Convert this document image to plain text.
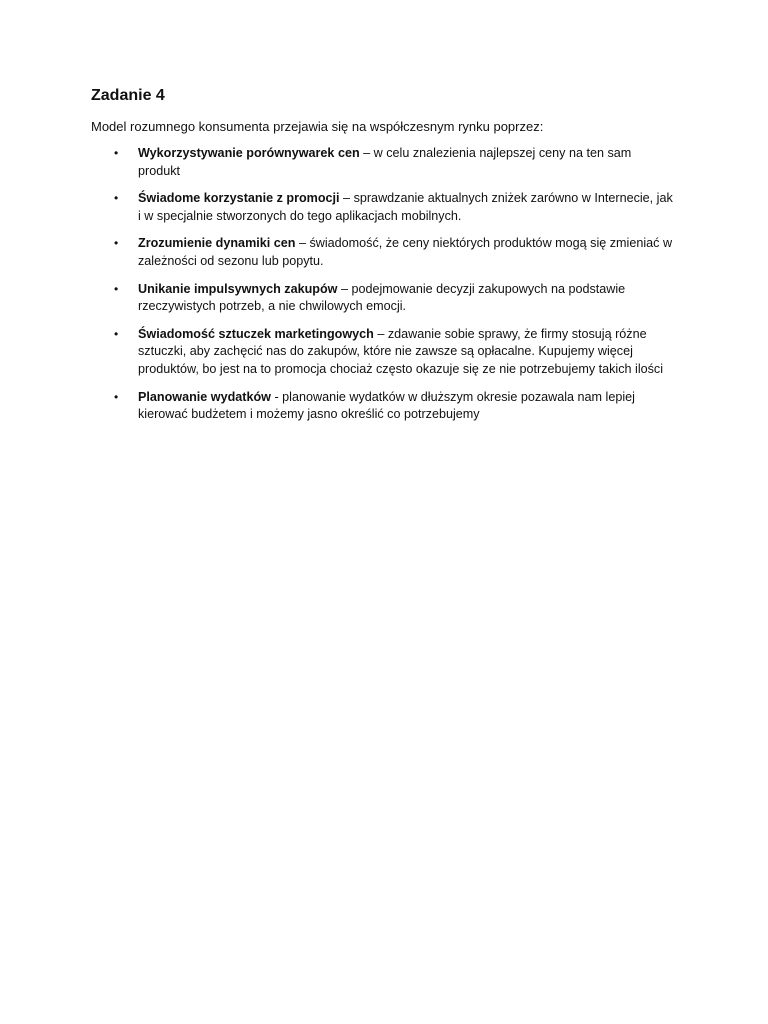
Zadanie 4

Model rozumnego konsumenta przejawia się na współczesnym rynku poprzez:

• Wykorzystywanie porównywarek cen – w celu znalezienia najlepszej ceny na ten sam produkt
• Świadome korzystanie z promocji – sprawdzanie aktualnych zniżek zarówno w Internecie, jak i w specjalnie stworzonych do tego aplikacjach mobilnych.
• Zrozumienie dynamiki cen – świadomość, że ceny niektórych produktów mogą się zmieniać w zależności od sezonu lub popytu.
• Unikanie impulsywnych zakupów – podejmowanie decyzji zakupowych na podstawie rzeczywistych potrzeb, a nie chwilowych emocji.
• Świadomość sztuczek marketingowych – zdawanie sobie sprawy, że firmy stosują różne sztuczki, aby zachęcić nas do zakupów, które nie zawsze są opłacalne. Kupujemy więcej produktów, bo jest na to promocja chociaż często okazuje się ze nie potrzebujemy takich ilości
• Planowanie wydatków - planowanie wydatków w dłuższym okresie pozawala nam lepiej kierować budżetem i możemy jasno określić co potrzebujemy
